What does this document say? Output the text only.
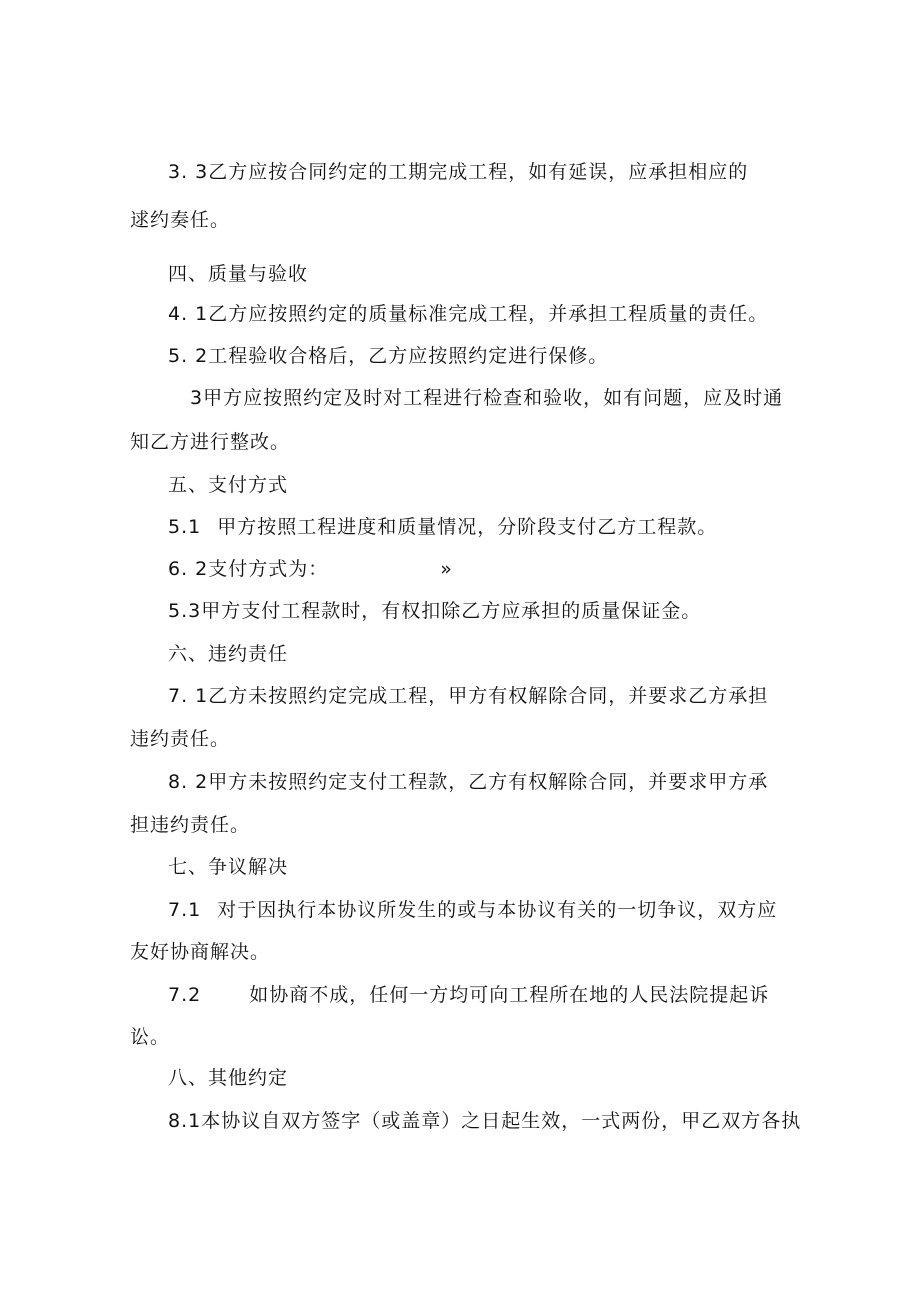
3. 3乙方应按合同约定的工期完成工程，如有延误，应承担相应的

逑约奏任。

四、质量与验收

4. 1乙方应按照约定的质量标准完成工程，并承担工程质量的责任。

5. 2工程验收合格后，乙方应按照约定进行保修。

3甲方应按照约定及时对工程进行检查和验收，如有问题，应及时通

知乙方进行整改。

五、支付方式

5.1 甲方按照工程进度和质量情况，分阶段支付乙方工程款。

6. 2支付方式为：	»

5.3甲方支付工程款时，有权扣除乙方应承担的质量保证金。

六、违约责任

7. 1乙方未按照约定完成工程，甲方有权解除合同，并要求乙方承担

违约责任。

8. 2甲方未按照约定支付工程款，乙方有权解除合同，并要求甲方承

担违约责任。

七、争议解决

7.1 对于因执行本协议所发生的或与本协议有关的一切争议，双方应

友好协商解决。

7.2	如协商不成，任何一方均可向工程所在地的人民法院提起诉

讼。

八、其他约定

8.1本协议自双方签字（或盖章）之日起生效，一式两份，甲乙双方各执
